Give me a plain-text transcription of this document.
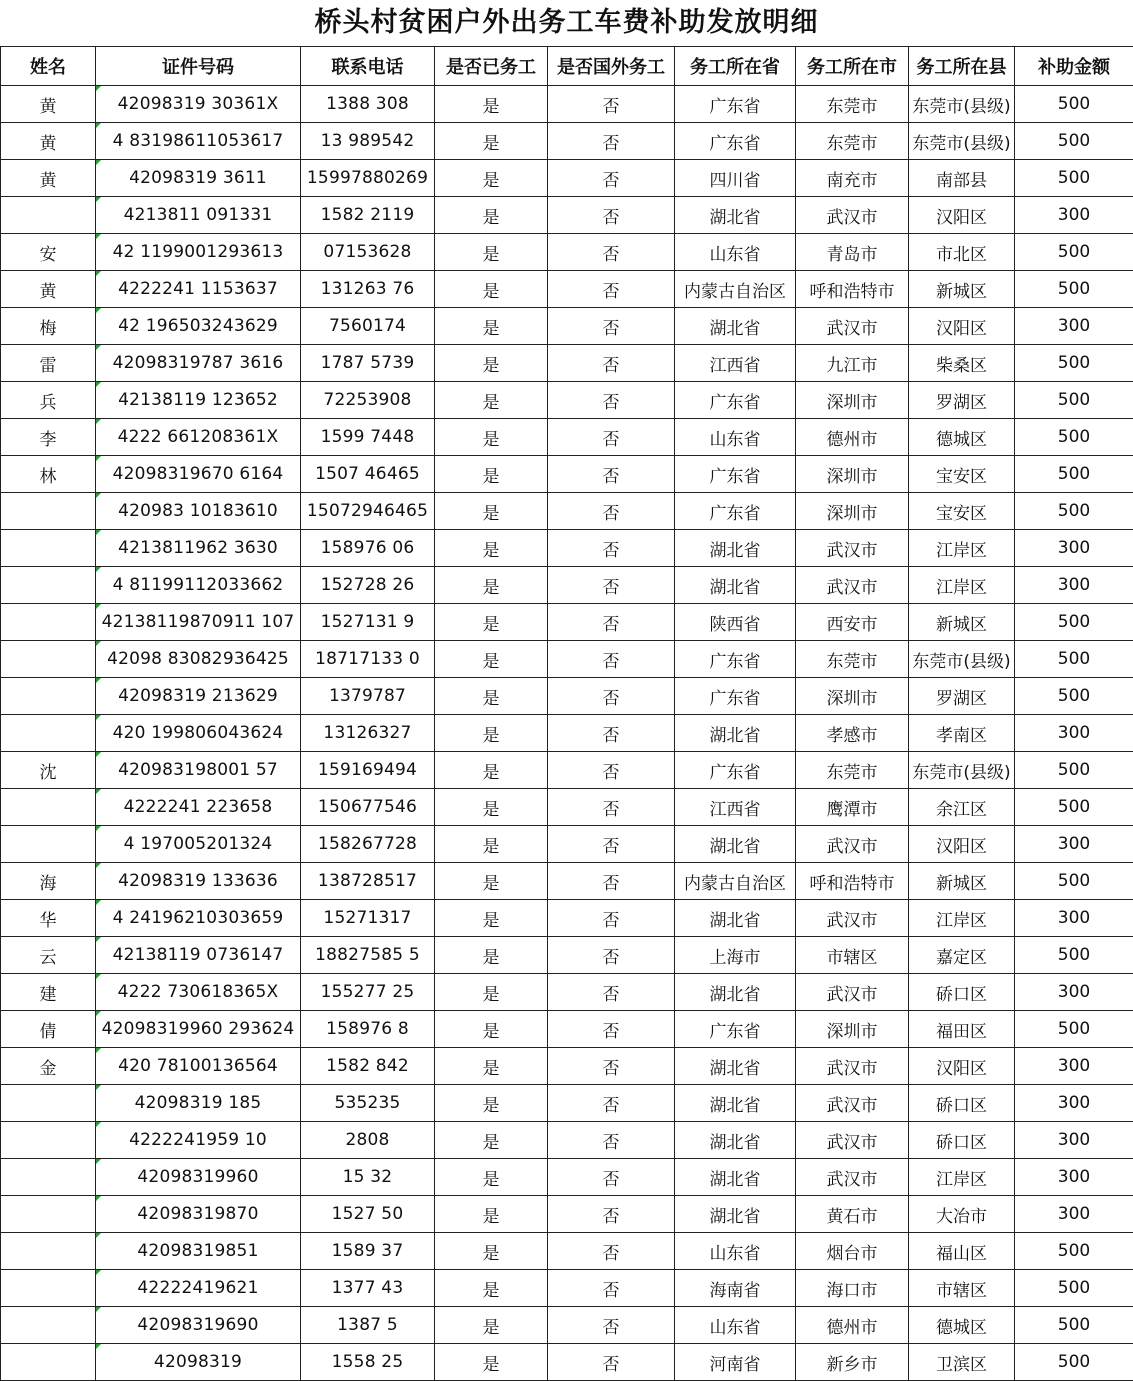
桥头村贫困户外出务工车费补助发放明细
姓名	证件号码	联系电话	是否已务工	是否国外务工	务工所在省	务工所在市	务工所在县	补助金额
黄	42098319 30361X	1388 308	是	否	广东省	东莞市	东莞市(县级)	500
黄	4 83198611053617	13 989542	是	否	广东省	东莞市	东莞市(县级)	500
黄	42098319 3611	15997880269	是	否	四川省	南充市	南部县	500
	4213811 091331	1582 2119	是	否	湖北省	武汉市	汉阳区	300
安	42 1199001293613	07153628	是	否	山东省	青岛市	市北区	500
黄	4222241 1153637	131263 76	是	否	内蒙古自治区	呼和浩特市	新城区	500
梅	42 196503243629	7560174	是	否	湖北省	武汉市	汉阳区	300
雷	42098319787 3616	1787 5739	是	否	江西省	九江市	柴桑区	500
兵	42138119 123652	72253908	是	否	广东省	深圳市	罗湖区	500
李	4222 661208361X	1599 7448	是	否	山东省	德州市	德城区	500
林	42098319670 6164	1507 46465	是	否	广东省	深圳市	宝安区	500
	420983 10183610	15072946465	是	否	广东省	深圳市	宝安区	500
	4213811962 3630	158976 06	是	否	湖北省	武汉市	江岸区	300
	4 81199112033662	152728 26	是	否	湖北省	武汉市	江岸区	300
	42138119870911 107	1527131 9	是	否	陕西省	西安市	新城区	500
	42098 83082936425	18717133 0	是	否	广东省	东莞市	东莞市(县级)	500
	42098319 213629	1379787	是	否	广东省	深圳市	罗湖区	500
	420 199806043624	13126327	是	否	湖北省	孝感市	孝南区	300
沈	420983198001 57	159169494	是	否	广东省	东莞市	东莞市(县级)	500
	4222241 223658	150677546	是	否	江西省	鹰潭市	余江区	500
	4 197005201324	158267728	是	否	湖北省	武汉市	汉阳区	300
海	42098319 133636	138728517	是	否	内蒙古自治区	呼和浩特市	新城区	500
华	4 24196210303659	15271317	是	否	湖北省	武汉市	江岸区	300
云	42138119 0736147	18827585 5	是	否	上海市	市辖区	嘉定区	500
建	4222 730618365X	155277 25	是	否	湖北省	武汉市	硚口区	300
倩	42098319960 293624	158976 8	是	否	广东省	深圳市	福田区	500
金	420 78100136564	1582 842	是	否	湖北省	武汉市	汉阳区	300
	42098319 185	535235	是	否	湖北省	武汉市	硚口区	300
	4222241959 10	2808	是	否	湖北省	武汉市	硚口区	300
	42098319960	15 32	是	否	湖北省	武汉市	江岸区	300
	42098319870	1527 50	是	否	湖北省	黄石市	大冶市	300
	42098319851	1589 37	是	否	山东省	烟台市	福山区	500
	42222419621	1377 43	是	否	海南省	海口市	市辖区	500
	42098319690	1387 5	是	否	山东省	德州市	德城区	500
	42098319	1558 25	是	否	河南省	新乡市	卫滨区	500
